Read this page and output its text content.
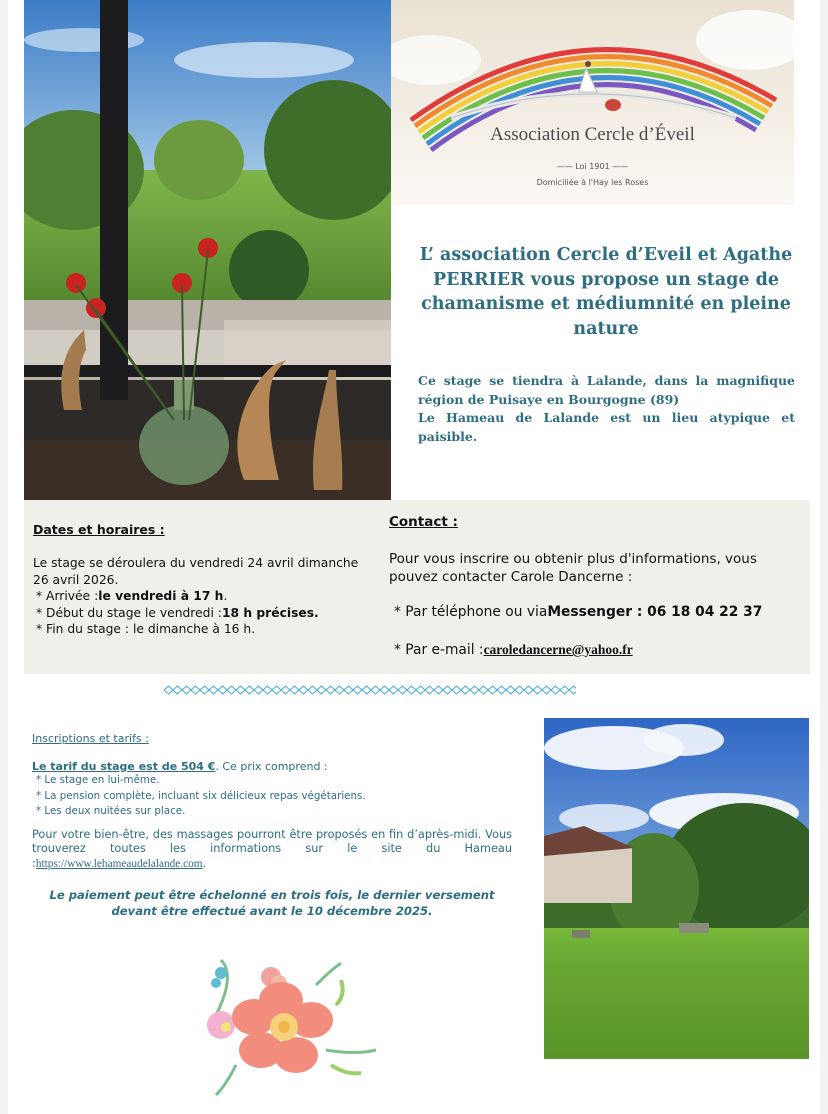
Association Cercle d’Éveil
—— Loi 1901 ——
Domiciliée à l'Hay les Roses
L’ association Cercle d’Eveil et Agathe PERRIER vous propose un stage de chamanisme et médiumnité en pleine nature

Ce stage se tiendra à Lalande, dans la magnifique région de Puisaye en Bourgogne (89)

Le Hameau de Lalande est un lieu atypique et paisible.

Dates et horaires :
Le stage se déroulera du vendredi 24 avril dimanche 26 avril 2026.
* Arrivée :le vendredi à 17 h.
* Début du stage le vendredi :18 h précises.
* Fin du stage : le dimanche à 16 h.
Contact :
Pour vous inscrire ou obtenir plus d'informations, vous pouvez contacter Carole Dancerne :
* Par téléphone ou viaMessenger : 06 18 04 22 37
* Par e-mail :caroledancerne@yahoo.fr
Inscriptions et tarifs :
Le tarif du stage est de 504 €. Ce prix comprend :
* Le stage en lui-même.
* La pension complète, incluant six délicieux repas végétariens.
* Les deux nuitées sur place.
Pour votre bien-être, des massages pourront être proposés en fin d’après-midi. Vous trouverez toutes les informations sur le site du Hameau :https://www.lehameaudelalande.com.
Le paiement peut être échelonné en trois fois, le dernier versement devant être effectué avant le 10 décembre 2025.
